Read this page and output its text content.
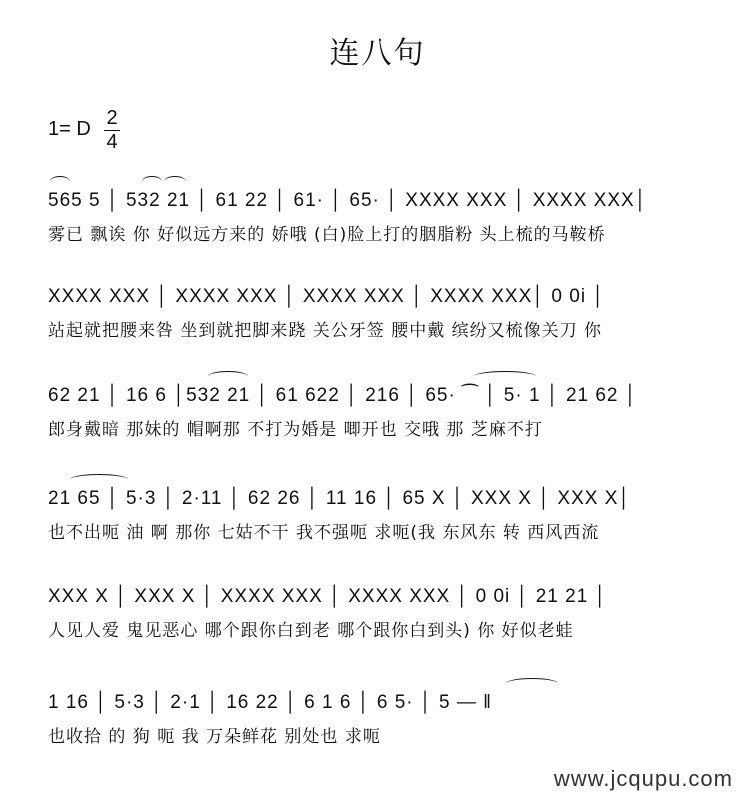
连八句
1= D 2
4
565 5 │ 532 21 │ 61 22 │ 61· │ 65· │ XXXX XXX │ XXXX XXX│
雾已 飘诶 你 好似远方来的 娇哦 (白)脸上打的胭脂粉 头上梳的马鞍桥
XXXX XXX │ XXXX XXX │ XXXX XXX │ XXXX XXX│ 0 0i │
站起就把腰来咎 坐到就把脚来跷 关公牙签 腰中戴 缤纷又梳像关刀 你
62 21 │ 16 6 │532 21 │ 61 622 │ 216 │ 65· ⁀ │ 5· 1 │ 21 62 │
郎身戴暗 那妹的 帽啊那 不打为婚是 唧开也 交哦 那 芝麻不打
21 65 │ 5·3 │ 2·11 │ 62 26 │ 11 16 │ 65 X │ XXX X │ XXX X│
也不出呃 油 啊 那你 七姑不干 我不强呃 求呃(我 东风东 转 西风西流
XXX X │ XXX X │ XXXX XXX │ XXXX XXX │ 0 0i │ 21 21 │
人见人爱 鬼见恶心 哪个跟你白到老 哪个跟你白到头) 你 好似老蛙
1 16 │ 5·3 │ 2·1 │ 16 22 │ 6 1 6 │ 6 5· │ 5 — ‖
也收拾 的 狗 呃 我 万朵鲜花 别处也 求呃
www.jcqupu.com
